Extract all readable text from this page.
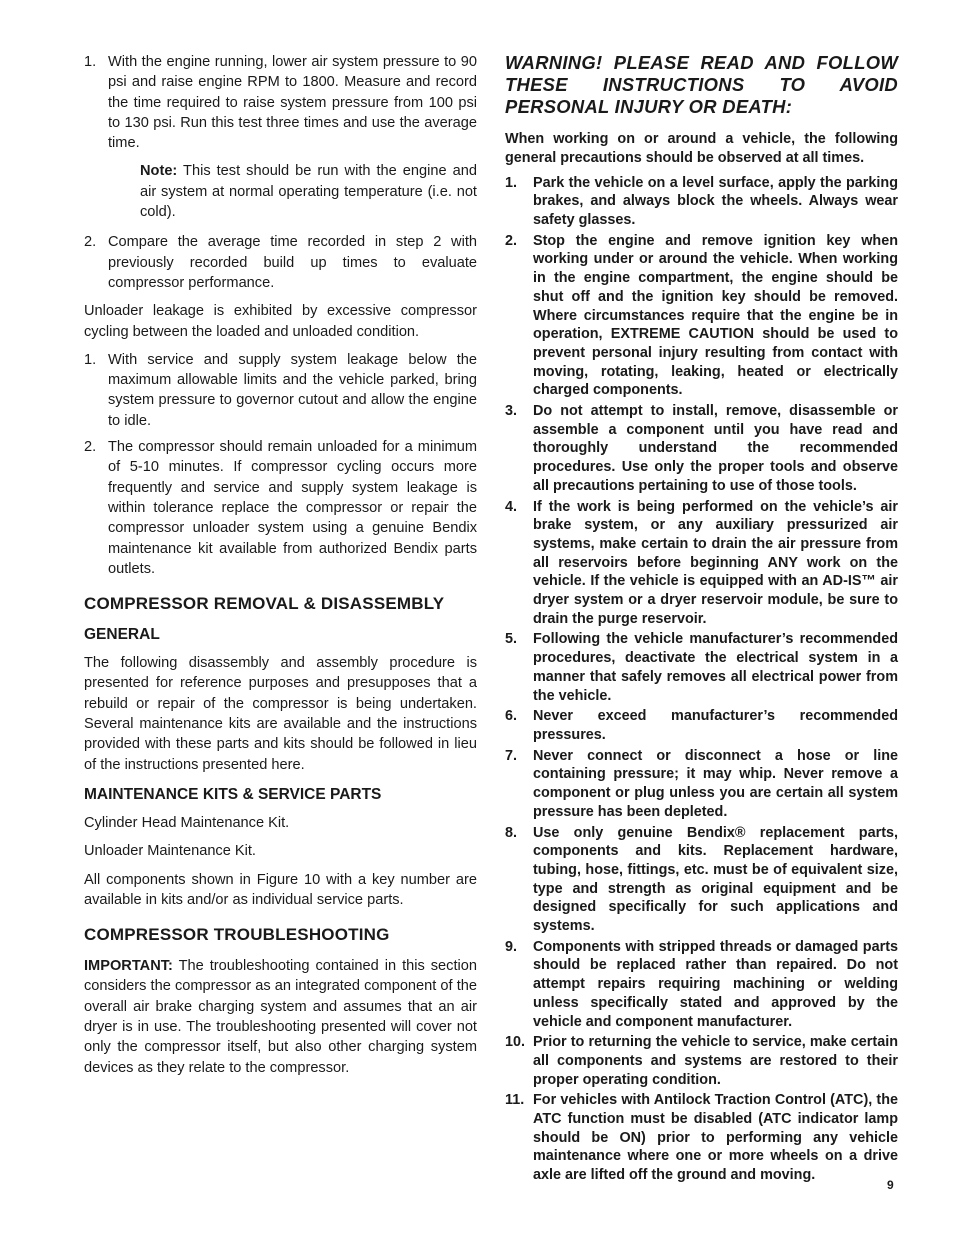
1. With the engine running, lower air system pressure to 90 psi and raise engine RPM to 1800. Measure and record the time required to raise system pressure from 100 psi to 130 psi. Run this test three times and use the average time.

Note: This test should be run with the engine and air system at normal operating temperature (i.e. not cold).

2. Compare the average time recorded in step 2 with previously recorded build up times to evaluate compressor performance.

Unloader leakage is exhibited by excessive compressor cycling between the loaded and unloaded condition.

1. With service and supply system leakage below the maximum allowable limits and the vehicle parked, bring system pressure to governor cutout and allow the engine to idle.
2. The compressor should remain unloaded for a minimum of 5-10 minutes. If compressor cycling occurs more frequently and service and supply system leakage is within tolerance replace the compressor or repair the compressor unloader system using a genuine Bendix maintenance kit available from authorized Bendix parts outlets.
COMPRESSOR REMOVAL & DISASSEMBLY
GENERAL

The following disassembly and assembly procedure is presented for reference purposes and presupposes that a rebuild or repair of the compressor is being undertaken. Several maintenance kits are available and the instructions provided with these parts and kits should be followed in lieu of the instructions presented here.

MAINTENANCE KITS & SERVICE PARTS

Cylinder Head Maintenance Kit.

Unloader Maintenance Kit.

All components shown in Figure 10 with a key number are available in kits and/or as individual service parts.

COMPRESSOR TROUBLESHOOTING

IMPORTANT: The troubleshooting contained in this section considers the compressor as an integrated component of the overall air brake charging system and assumes that an air dryer is in use. The troubleshooting presented will cover not only the compressor itself, but also other charging system devices as they relate to the compressor.

WARNING! PLEASE READ AND FOLLOW THESE INSTRUCTIONS TO AVOID PERSONAL INJURY OR DEATH:

When working on or around a vehicle, the following general precautions should be observed at all times.

1. Park the vehicle on a level surface, apply the parking brakes, and always block the wheels. Always wear safety glasses.
2. Stop the engine and remove ignition key when working under or around the vehicle. When working in the engine compartment, the engine should be shut off and the ignition key should be removed. Where circumstances require that the engine be in operation, EXTREME CAUTION should be used to prevent personal injury resulting from contact with moving, rotating, leaking, heated or electrically charged components.
3. Do not attempt to install, remove, disassemble or assemble a component until you have read and thoroughly understand the recommended procedures. Use only the proper tools and observe all precautions pertaining to use of those tools.
4. If the work is being performed on the vehicle’s air brake system, or any auxiliary pressurized air systems, make certain to drain the air pressure from all reservoirs before beginning ANY work on the vehicle. If the vehicle is equipped with an AD-IS™ air dryer system or a dryer reservoir module, be sure to drain the purge reservoir.
5. Following the vehicle manufacturer’s recommended procedures, deactivate the electrical system in a manner that safely removes all electrical power from the vehicle.
6. Never exceed manufacturer’s recommended pressures.
7. Never connect or disconnect a hose or line containing pressure; it may whip. Never remove a component or plug unless you are certain all system pressure has been depleted.
8. Use only genuine Bendix® replacement parts, components and kits. Replacement hardware, tubing, hose, fittings, etc. must be of equivalent size, type and strength as original equipment and be designed specifically for such applications and systems.
9. Components with stripped threads or damaged parts should be replaced rather than repaired. Do not attempt repairs requiring machining or welding unless specifically stated and approved by the vehicle and component manufacturer.
10. Prior to returning the vehicle to service, make certain all components and systems are restored to their proper operating condition.
11. For vehicles with Antilock Traction Control (ATC), the ATC function must be disabled (ATC indicator lamp should be ON) prior to performing any vehicle maintenance where one or more wheels on a drive axle are lifted off the ground and moving.
9
